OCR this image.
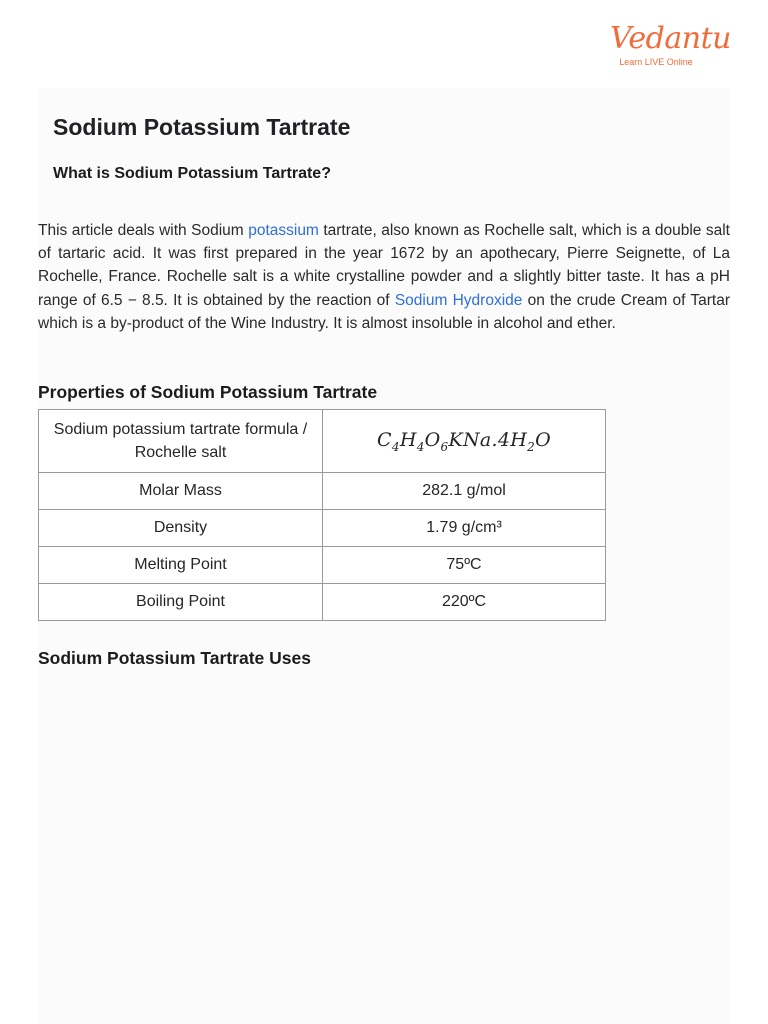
Vedantu
Learn LIVE Online
Sodium Potassium Tartrate
What is Sodium Potassium Tartrate?

This article deals with Sodium potassium tartrate, also known as Rochelle salt, which is a double salt of tartaric acid. It was first prepared in the year 1672 by an apothecary, Pierre Seignette, of La Rochelle, France. Rochelle salt is a white crystalline powder and a slightly bitter taste. It has a pH range of 6.5 − 8.5. It is obtained by the reaction of Sodium Hydroxide on the crude Cream of Tartar which is a by-product of the Wine Industry. It is almost insoluble in alcohol and ether.

Properties of Sodium Potassium Tartrate
Sodium potassium tartrate formula / Rochelle salt	$C_4H_4O_6KNa.4H_2O$
Molar Mass	282.1 g/mol
Density	1.79 g/cm³
Melting Point	75ºC
Boiling Point	220ºC
Sodium Potassium Tartrate Uses
